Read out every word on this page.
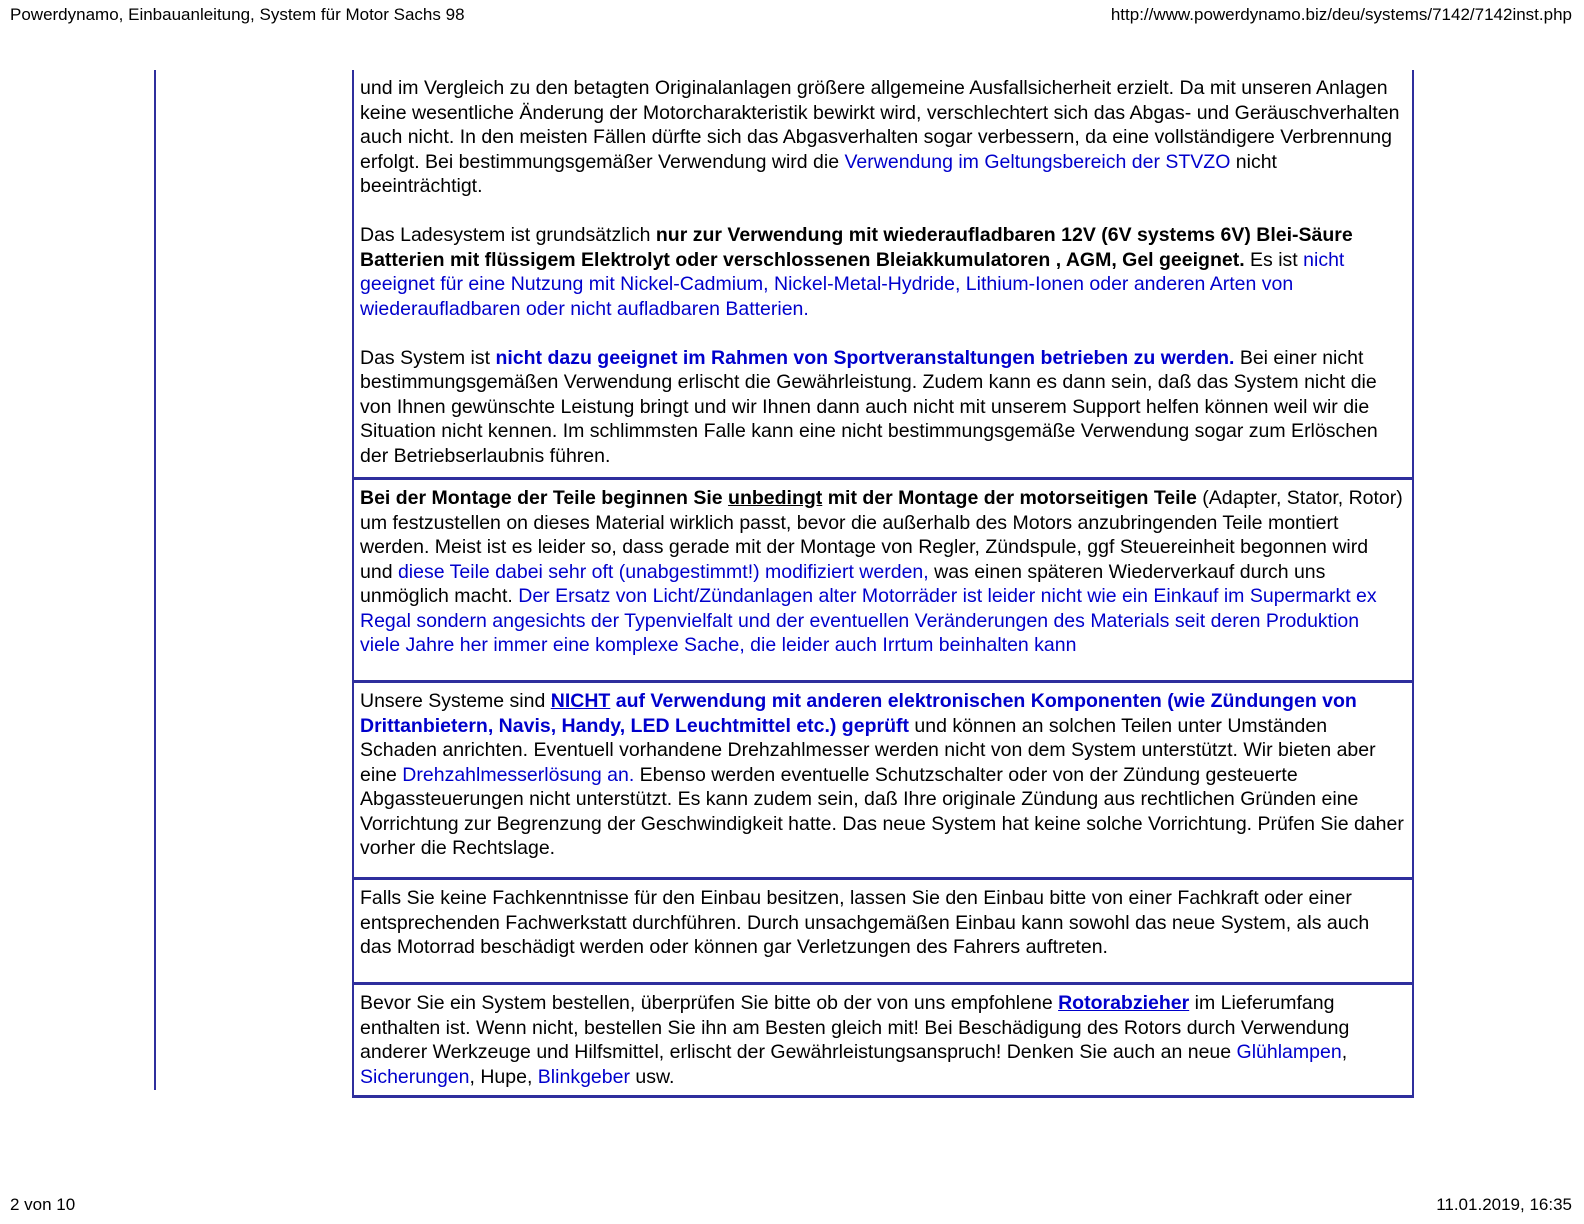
Powerdynamo, Einbauanleitung, System für Motor Sachs 98	http://www.powerdynamo.biz/deu/systems/7142/7142inst.php

und im Vergleich zu den betagten Originalanlagen größere allgemeine Ausfallsicherheit erzielt. Da mit unseren Anlagen keine wesentliche Änderung der Motorcharakteristik bewirkt wird, verschlechtert sich das Abgas- und Geräuschverhalten auch nicht. In den meisten Fällen dürfte sich das Abgasverhalten sogar verbessern, da eine vollständigere Verbrennung erfolgt. Bei bestimmungsgemäßer Verwendung wird die Verwendung im Geltungsbereich der STVZO nicht beeinträchtigt.

Das Ladesystem ist grundsätzlich nur zur Verwendung mit wiederaufladbaren 12V (6V systems 6V) Blei-Säure Batterien mit flüssigem Elektrolyt oder verschlossenen Bleiakkumulatoren , AGM, Gel geeignet. Es ist nicht geeignet für eine Nutzung mit Nickel-Cadmium, Nickel-Metal-Hydride, Lithium-Ionen oder anderen Arten von wiederaufladbaren oder nicht aufladbaren Batterien.

Das System ist nicht dazu geeignet im Rahmen von Sportveranstaltungen betrieben zu werden. Bei einer nicht bestimmungsgemäßen Verwendung erlischt die Gewährleistung. Zudem kann es dann sein, daß das System nicht die von Ihnen gewünschte Leistung bringt und wir Ihnen dann auch nicht mit unserem Support helfen können weil wir die Situation nicht kennen. Im schlimmsten Falle kann eine nicht bestimmungsgemäße Verwendung sogar zum Erlöschen der Betriebserlaubnis führen.

Bei der Montage der Teile beginnen Sie unbedingt mit der Montage der motorseitigen Teile (Adapter, Stator, Rotor) um festzustellen on dieses Material wirklich passt, bevor die außerhalb des Motors anzubringenden Teile montiert werden. Meist ist es leider so, dass gerade mit der Montage von Regler, Zündspule, ggf Steuereinheit begonnen wird und diese Teile dabei sehr oft (unabgestimmt!) modifiziert werden, was einen späteren Wiederverkauf durch uns unmöglich macht. Der Ersatz von Licht/Zündanlagen alter Motorräder ist leider nicht wie ein Einkauf im Supermarkt ex Regal sondern angesichts der Typenvielfalt und der eventuellen Veränderungen des Materials seit deren Produktion viele Jahre her immer eine komplexe Sache, die leider auch Irrtum beinhalten kann

Unsere Systeme sind NICHT auf Verwendung mit anderen elektronischen Komponenten (wie Zündungen von Drittanbietern, Navis, Handy, LED Leuchtmittel etc.) geprüft und können an solchen Teilen unter Umständen Schaden anrichten. Eventuell vorhandene Drehzahlmesser werden nicht von dem System unterstützt. Wir bieten aber eine Drehzahlmesserlösung an. Ebenso werden eventuelle Schutzschalter oder von der Zündung gesteuerte Abgassteuerungen nicht unterstützt. Es kann zudem sein, daß Ihre originale Zündung aus rechtlichen Gründen eine Vorrichtung zur Begrenzung der Geschwindigkeit hatte. Das neue System hat keine solche Vorrichtung. Prüfen Sie daher vorher die Rechtslage.

Falls Sie keine Fachkenntnisse für den Einbau besitzen, lassen Sie den Einbau bitte von einer Fachkraft oder einer entsprechenden Fachwerkstatt durchführen. Durch unsachgemäßen Einbau kann sowohl das neue System, als auch das Motorrad beschädigt werden oder können gar Verletzungen des Fahrers auftreten.

Bevor Sie ein System bestellen, überprüfen Sie bitte ob der von uns empfohlene Rotorabzieher im Lieferumfang enthalten ist. Wenn nicht, bestellen Sie ihn am Besten gleich mit! Bei Beschädigung des Rotors durch Verwendung anderer Werkzeuge und Hilfsmittel, erlischt der Gewährleistungsanspruch! Denken Sie auch an neue Glühlampen, Sicherungen, Hupe, Blinkgeber usw.

2 von 10	11.01.2019, 16:35
